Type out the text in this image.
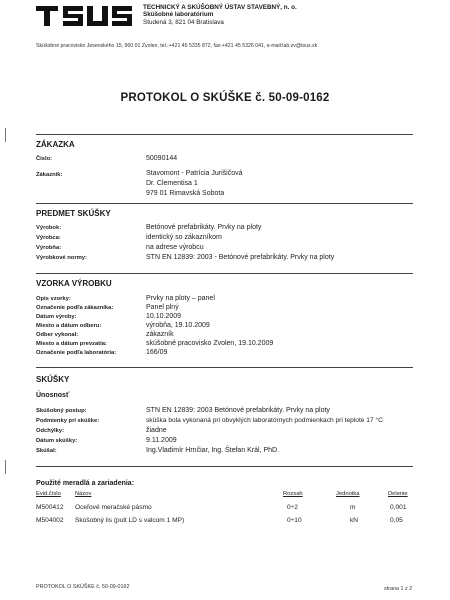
TECHNICKÝ A SKÚŠOBNÝ ÚSTAV STAVEBNÝ, n. o.
Skúšobné laboratórium
Studená 3, 821 04 Bratislava
Skúšobné pracovisko Jesenského 15, 960 01 Zvolen, tel.:+421 45 5335 872, fax:+421 45 5326 041, e-mail:lab.zv@tsus.sk
PROTOKOL O SKÚŠKE č. 50-09-0162
ZÁKAZKA
Číslo:	50090144
Zákazník:	Stavomont - Patrícia Jurišičová
Dr. Clementisa 1
979 01 Rimavská Sobota
PREDMET SKÚŠKY
Výrobok:	Betónové prefabrikáty. Prvky na ploty
Výrobca:	identický so zákazníkom
Výrobňa:	na adrese výrobcu
Výrobkové normy:	STN EN 12839: 2003 - Betónové prefabrikáty. Prvky na ploty
VZORKA VÝROBKU
Opis vzorky:	Prvky na ploty – panel
Označenie podľa zákazníka:	Panel plný
Dátum výroby:	10.10.2009
Miesto a dátum odberu:	výrobňa, 19.10.2009
Odber vykonal:	zákazník
Miesto a dátum prevzatia:	skúšobné pracovisko Zvolen, 19.10.2009
Označenie podľa laboratória:	166/09
SKÚŠKY
Únosnosť
Skúšobný postup:	STN EN 12839: 2003 Betónové prefabrikáty. Prvky na ploty
Podmienky pri skúške:	skúška bola vykonaná pri obvyklých laboratórnych podmienkach pri teplote 17 °C
Odchýlky:	žiadne
Dátum skúšky:	9.11.2009
Skúšal:	Ing.Vladimír Hrnčiar, Ing. Štefan Král, PhD.
Použité meradlá a zariadenia:
Evid.číslo Názov	Rozsah	Jednotka	Delenie
M500412 Oceľové meračské pásmo	0÷2	m	0,001
M504002 Skúšobný lis (pult LD s valcom 1 MP)	0÷10	kN	0,05
PROTOKOL O SKÚŠKE č. 50-09-0162	strana 1 z 2
